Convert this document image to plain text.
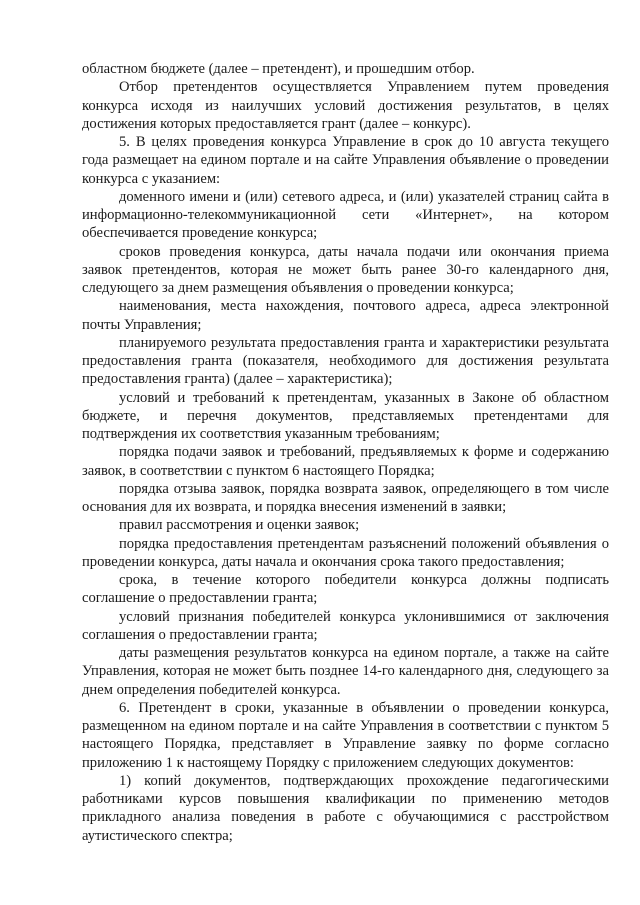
областном бюджете (далее – претендент), и прошедшим отбор.

Отбор претендентов осуществляется Управлением путем проведения конкурса исходя из наилучших условий достижения результатов, в целях достижения которых предоставляется грант (далее – конкурс).

5. В целях проведения конкурса Управление в срок до 10 августа текущего года размещает на едином портале и на сайте Управления объявление о проведении конкурса с указанием:

доменного имени и (или) сетевого адреса, и (или) указателей страниц сайта в информационно-телекоммуникационной сети «Интернет», на котором обеспечивается проведение конкурса;

сроков проведения конкурса, даты начала подачи или окончания приема заявок претендентов, которая не может быть ранее 30-го календарного дня, следующего за днем размещения объявления о проведении конкурса;

наименования, места нахождения, почтового адреса, адреса электронной почты Управления;

планируемого результата предоставления гранта и характеристики результата предоставления гранта (показателя, необходимого для достижения результата предоставления гранта) (далее – характеристика);

условий и требований к претендентам, указанных в Законе об областном бюджете, и перечня документов, представляемых претендентами для подтверждения их соответствия указанным требованиям;

порядка подачи заявок и требований, предъявляемых к форме и содержанию заявок, в соответствии с пунктом 6 настоящего Порядка;

порядка отзыва заявок, порядка возврата заявок, определяющего в том числе основания для их возврата, и порядка внесения изменений в заявки;

правил рассмотрения и оценки заявок;

порядка предоставления претендентам разъяснений положений объявления о проведении конкурса, даты начала и окончания срока такого предоставления;

срока, в течение которого победители конкурса должны подписать соглашение о предоставлении гранта;

условий признания победителей конкурса уклонившимися от заключения соглашения о предоставлении гранта;

даты размещения результатов конкурса на едином портале, а также на сайте Управления, которая не может быть позднее 14-го календарного дня, следующего за днем определения победителей конкурса.

6. Претендент в сроки, указанные в объявлении о проведении конкурса, размещенном на едином портале и на сайте Управления в соответствии с пунктом 5 настоящего Порядка, представляет в Управление заявку по форме согласно приложению 1 к настоящему Порядку с приложением следующих документов:

1) копий документов, подтверждающих прохождение педагогическими работниками курсов повышения квалификации по применению методов прикладного анализа поведения в работе с обучающимися с расстройством аутистического спектра;
